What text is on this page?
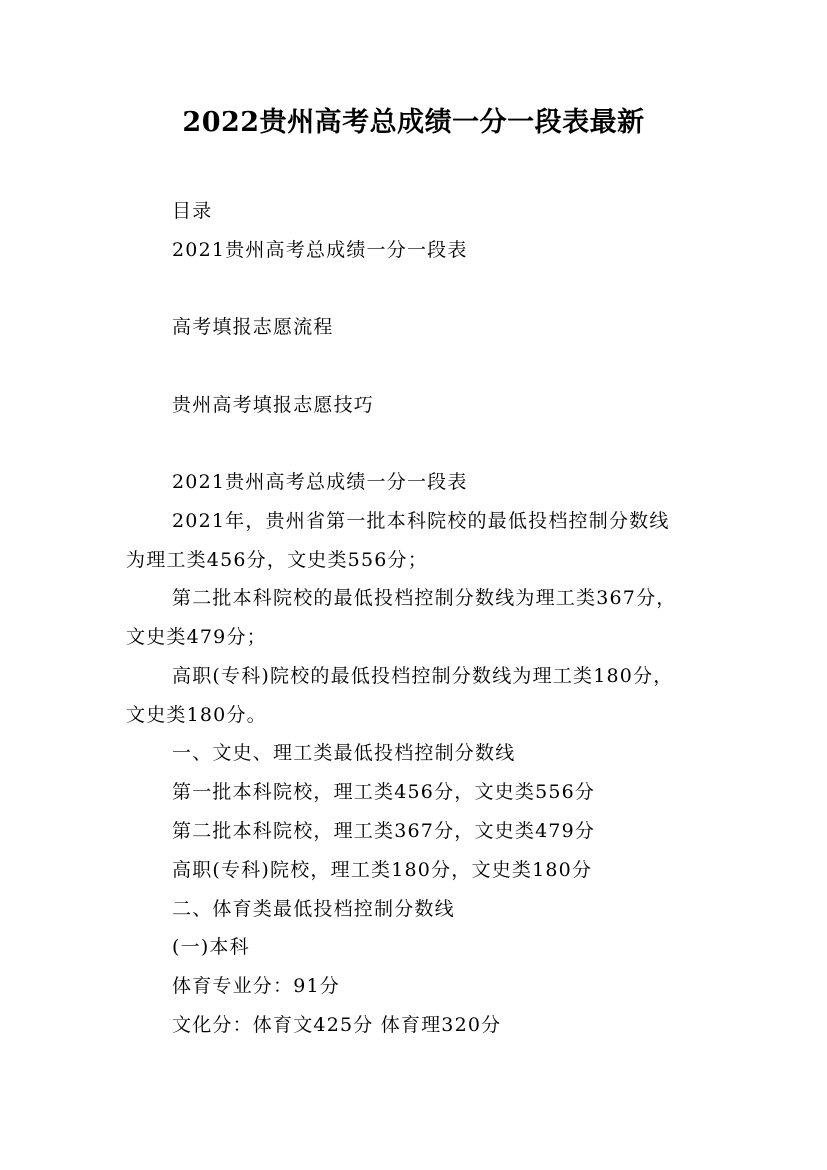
2022贵州高考总成绩一分一段表最新
目录
2021贵州高考总成绩一分一段表
高考填报志愿流程
贵州高考填报志愿技巧
2021贵州高考总成绩一分一段表
2021年，贵州省第一批本科院校的最低投档控制分数线
为理工类456分，文史类556分；
第二批本科院校的最低投档控制分数线为理工类367分，
文史类479分；
高职(专科)院校的最低投档控制分数线为理工类180分，
文史类180分。
一、文史、理工类最低投档控制分数线
第一批本科院校，理工类456分，文史类556分
第二批本科院校，理工类367分，文史类479分
高职(专科)院校，理工类180分，文史类180分
二、体育类最低投档控制分数线
(一)本科
体育专业分：91分
文化分：体育文425分 体育理320分
